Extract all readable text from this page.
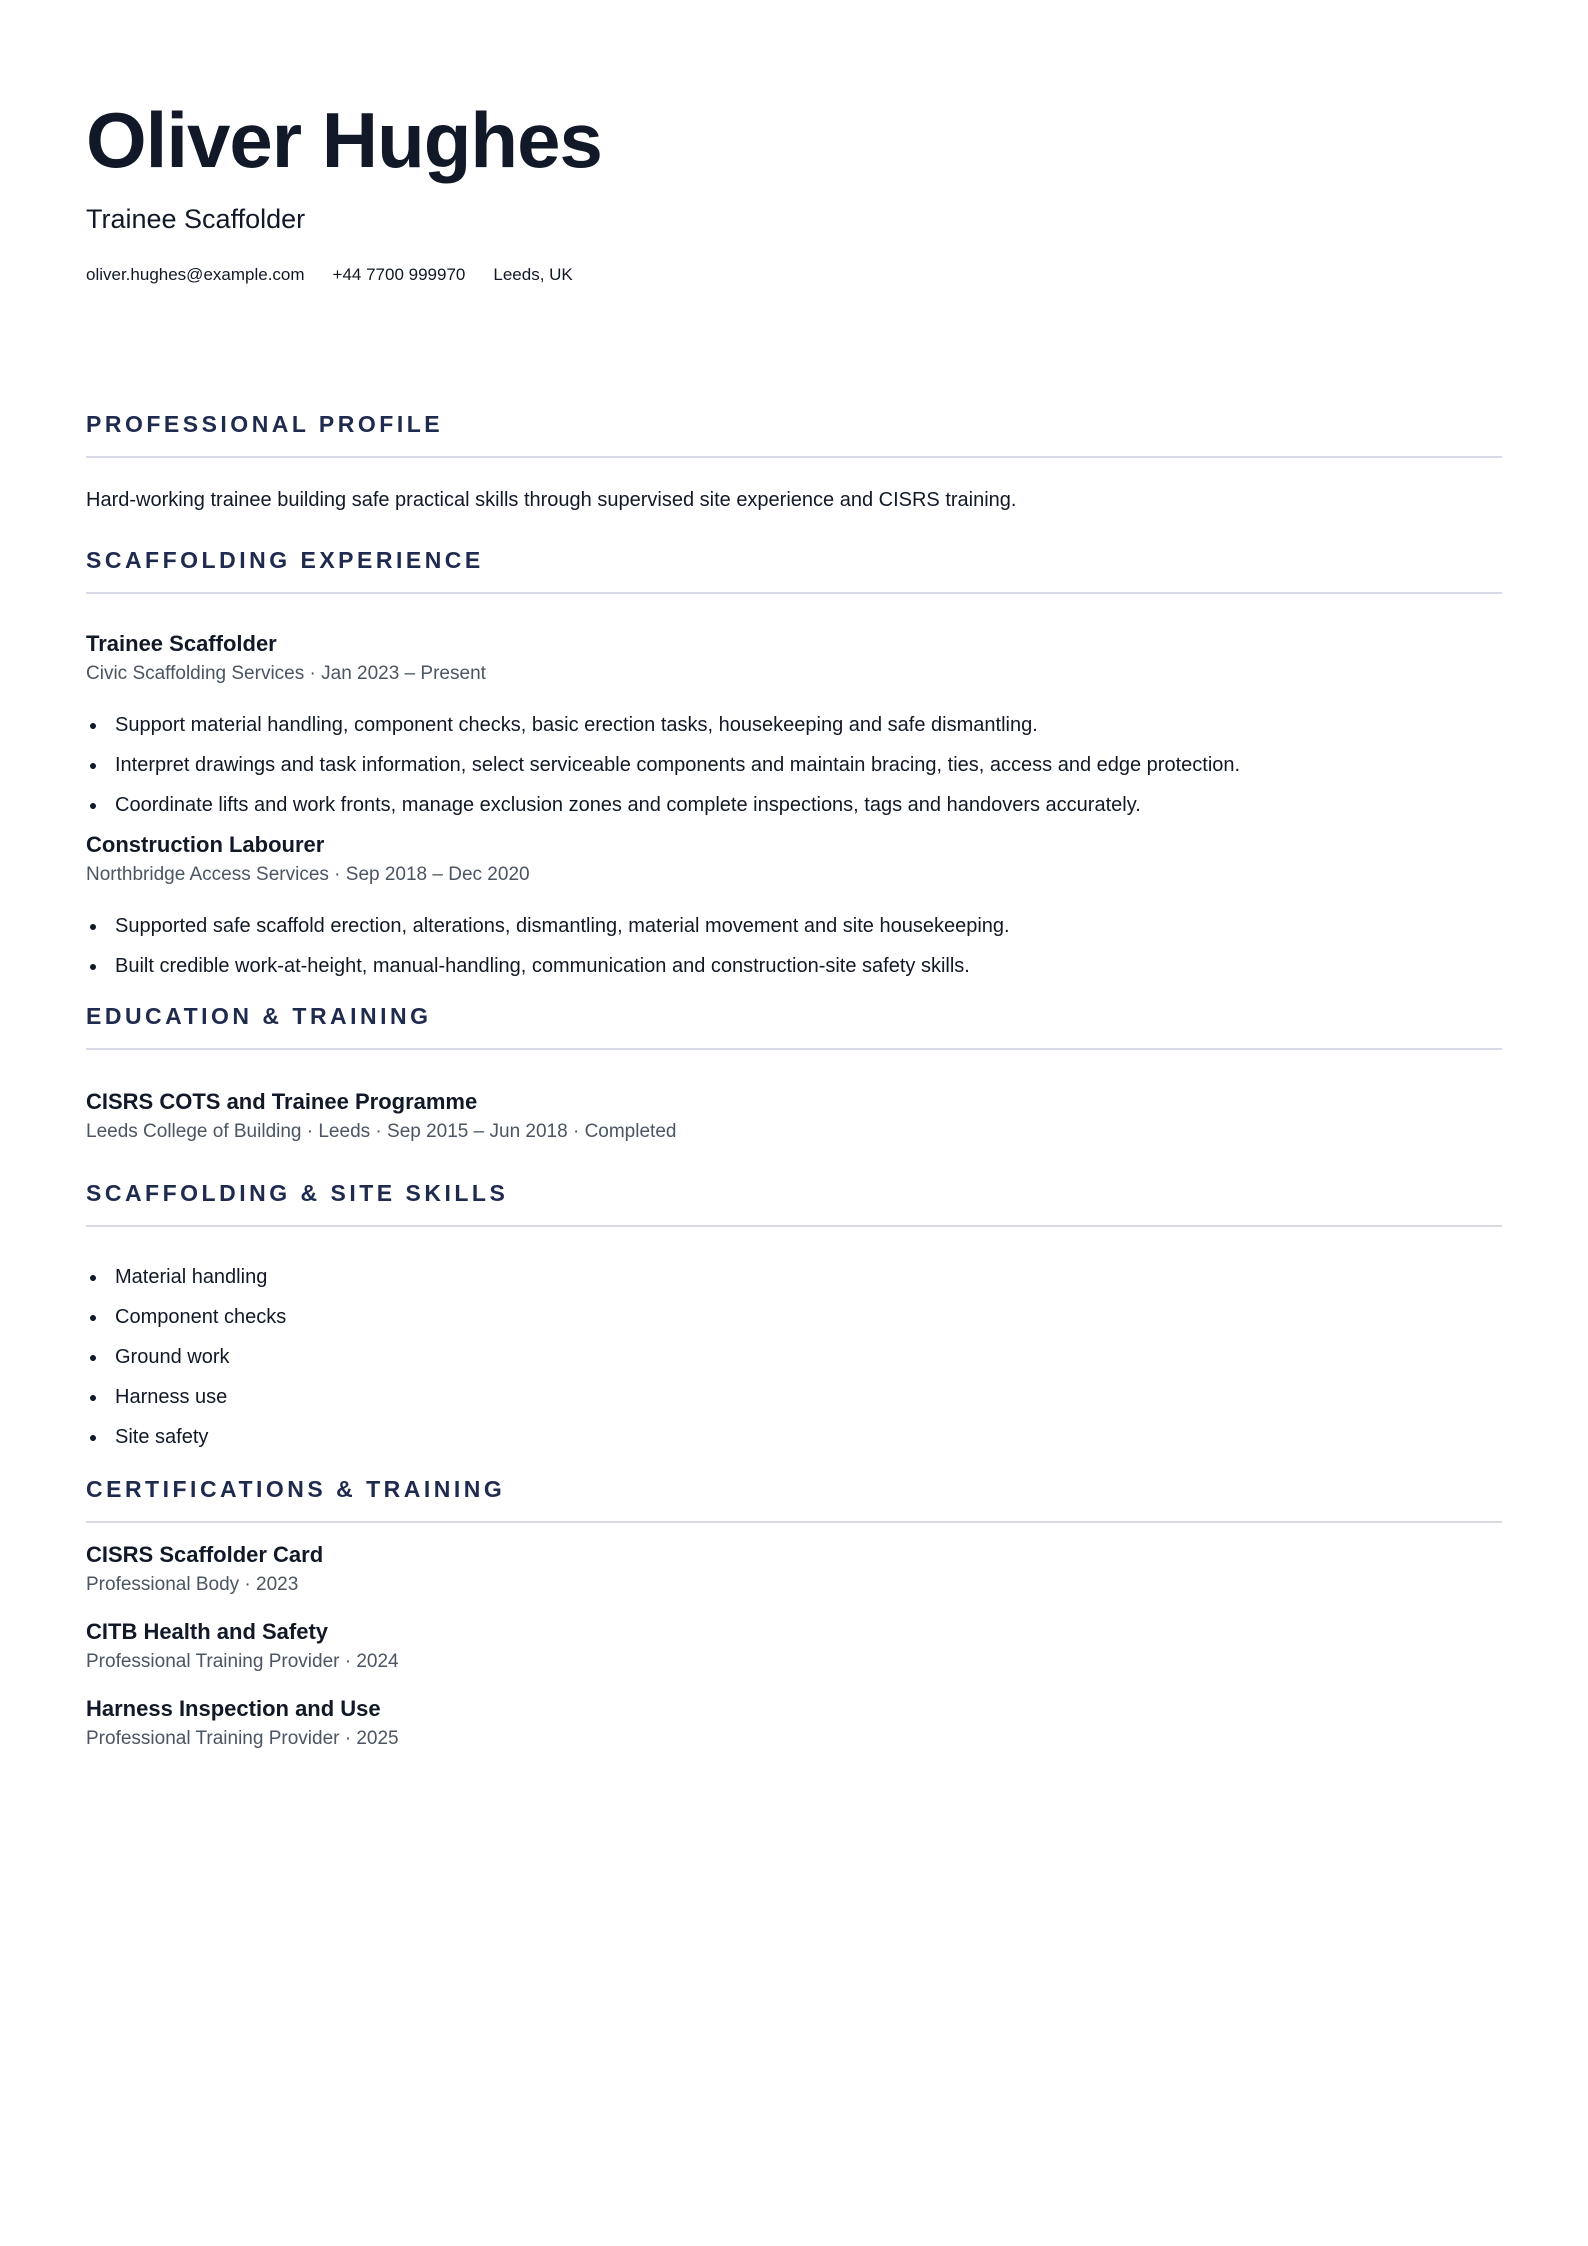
Oliver Hughes
Trainee Scaffolder
oliver.hughes@example.com +44 7700 999970 Leeds, UK
PROFESSIONAL PROFILE
Hard-working trainee building safe practical skills through supervised site experience and CISRS training.
SCAFFOLDING EXPERIENCE
Trainee Scaffolder
Civic Scaffolding Services · Jan 2023 – Present
Support material handling, component checks, basic erection tasks, housekeeping and safe dismantling.
Interpret drawings and task information, select serviceable components and maintain bracing, ties, access and edge protection.
Coordinate lifts and work fronts, manage exclusion zones and complete inspections, tags and handovers accurately.
Construction Labourer
Northbridge Access Services · Sep 2018 – Dec 2020
Supported safe scaffold erection, alterations, dismantling, material movement and site housekeeping.
Built credible work-at-height, manual-handling, communication and construction-site safety skills.
EDUCATION & TRAINING
CISRS COTS and Trainee Programme
Leeds College of Building · Leeds · Sep 2015 – Jun 2018 · Completed
SCAFFOLDING & SITE SKILLS
Material handling
Component checks
Ground work
Harness use
Site safety
CERTIFICATIONS & TRAINING
CISRS Scaffolder Card
Professional Body · 2023
CITB Health and Safety
Professional Training Provider · 2024
Harness Inspection and Use
Professional Training Provider · 2025
